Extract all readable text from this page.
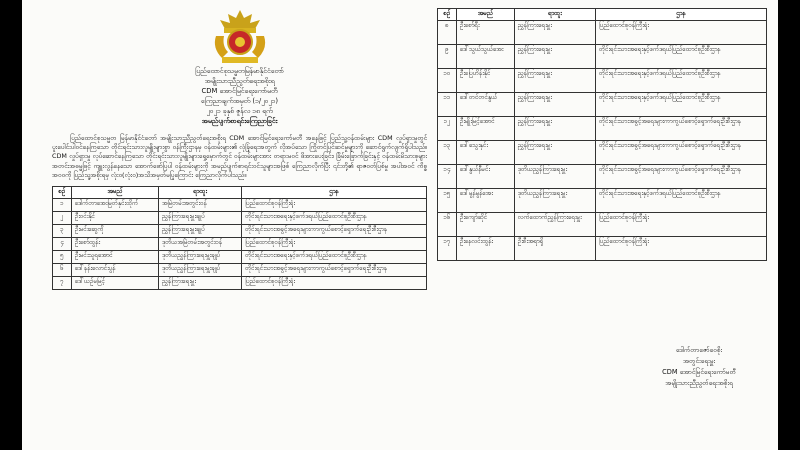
ပြည်ထောင်စုသမ္မတမြန်မာနိုင်ငံတော်
အမျိုးသားညီညွတ်ရေးအစိုးရ
CDM အောင်မြင်ရေးကော်မတီ
ကြေညာချက်အမှတ် (၁/၂၀၂၁)
၂၀၂၁ ခုနှစ် ဇူန်လ ၁၈ ရက်
အမည်ပျက်စာရင်းကြေညာခြင်း
ပြည်ထောင်စုသမ္မတ မြန်မာနိုင်ငံတော် အမျိုးသားညီညွတ်ရေးအစိုးရ CDM အောင်မြင်ရေးကော်မတီ အနေဖြင့် ပြည်သူ့ဝန်ထမ်းများ CDM လှုပ်ရှားမှုတွင်ပူးပေါင်းပါဝင်နေကြသော တိုင်းရင်းသားလူမျိုးများစွာ ဝန်ကြီးဌာနမှ ဝန်ထမ်းများ၏ လုံခြုံရေးအတွက် လိုအပ်သော ကြိုတင်ပြင်ဆင်မှုများကို ဆောင်ရွက်လျက်ရှိပါသည်။ CDM လှုပ်ရှားမှု လုပ်ဆောင်နေကြသော တိုင်းရင်းသားလူမျိုးများရှေ့မှောက်တွင် ဝန်ထမ်းများအား တရားမဝင် ဖိအားပေးခြင်း၊ ခြိမ်းခြောက်ခြင်းနှင့် ဝန်ထမ်းမိသားစုများ အတင်းအဓမ္မဖြင့် ကျူးလွန်နေသော အောက်ဖော်ပြပါ ဝန်ထမ်းများကို အမည်ပျက်စာရင်းဝင်သူများအဖြစ် ကြေညာလိုက်ပြီး ၎င်းတို့၏ ရာဇဝတ်ပြစ်မှု အပါအဝင် ကိစ္စအဝဝကို ပြည်သူ့အစိုးရမှ လုံးဝ(လုံးဝ)အသိအမှတ်မပြုကြောင်း ကြေညာလိုက်ပါသည်။
စဉ်	အမည်	ရာထူး	ဌာန
၁	ဒေါက်တာအေးမြတ်နှင်းထိုက်	အမြဲတမ်းအတွင်းဝန်	ပြည်ထောင်စုဝန်ကြီးရုံး
၂	ဦးဝင်းနိုင်	ညွှန်ကြားရေးမှူးချုပ်	တိုင်းရင်းသားအရေးနှင့်ဖက်ဒရယ်ပြည်ထောင်စုဦးစီးဌာန
၃	ဦးမင်းဆွေကို	ညွှန်ကြားရေးမှူးချုပ်	တိုင်းရင်းသားအခွင့်အရေးများကာကွယ်စောင့်ရှောက်ရေးဦးစီးဌာန
၄	ဦးစော်ထွန်း	ဒုတိယအမြဲတမ်းအတွင်းဝန်	ပြည်ထောင်စုဝန်ကြီးရုံး
၅	ဦးမင်းသူရအောင်	ဒုတိယညွှန်ကြားရေးမှူးချုပ်	တိုင်းရင်းသားအရေးနှင့်ဖက်ဒရယ်ပြည်ထောင်စုဦးစီးဌာန
၆	ဒေါ်နန်းလောင်းပွန်	ဒုတိယညွှန်ကြားရေးမှူးချုပ်	တိုင်းရင်းသားအခွင့်အရေးများကာကွယ်စောင့်ရှောက်ရေးဦးစီးဌာန
၇	ဒေါ်ယဉ်မမြင့်	ညွှန်ကြားရေးမှူး	ပြည်ထောင်စုဝန်ကြီးရုံး
စဉ်	အမည်	ရာထူး	ဌာန
၈	ဦးစော်ရီး	ညွှန်ကြားရေးမှူး	ပြည်ထောင်စုဝန်ကြီးရုံး
၉	ဒေါ်သွယ်သွယ်အေး	ညွှန်ကြားရေးမှူး	တိုင်းရင်းသားအရေးနှင့်ဖက်ဒရယ်ပြည်ထောင်စုဦးစီးဌာန
၁၀	ဦးပြေဟိန်းနိုင်	ညွှန်ကြားရေးမှူး	တိုင်းရင်းသားအရေးနှင့်ဖက်ဒရယ်ပြည်ထောင်စုဦးစီးဌာန
၁၁	ဒေါ်တင်တင်နွယ်	ညွှန်ကြားရေးမှူး	တိုင်းရင်းသားအရေးနှင့်ဖက်ဒရယ်ပြည်ထောင်စုဦးစီးဌာန
၁၂	ဦးမျိုးမြင့်အောင်	ညွှန်ကြားရေးမှူး	တိုင်းရင်းသားအခွင့်အရေးများကာကွယ်စောင့်ရှောက်ရေးဦးစီးဌာန
၁၃	ဒေါ်သွေးနှင်း	ညွှန်ကြားရေးမှူး	တိုင်းရင်းသားအခွင့်အရေးများကာကွယ်စောင့်ရှောက်ရေးဦးစီးဌာန
၁၄	ဒေါ်နွယ်နီမင်း	ဒုတိယညွှန်ကြားရေးမှူး	တိုင်းရင်းသားအခွင့်အရေးများကာကွယ်စောင့်ရှောက်ရေးဦးစီးဌာန
၁၅	ဒေါ်မွန်မွန်အေး	ဒုတိယညွှန်ကြားရေးမှူး	တိုင်းရင်းသားအရေးနှင့်ဖက်ဒရယ်ပြည်ထောင်စုဦးစီးဌာန
၁၆	ဦးကျော်ဆိုင်	လက်ထောက်ညွှန်ကြားရေးမှူး	ပြည်ထောင်စုဝန်ကြီးရုံး
၁၇	ဦးနေလင်းထွန်း	ဦးစီးအရာရှိ	ပြည်ထောင်စုဝန်ကြီးရုံး
ဒေါက်တာဇော်ဝေစိုး
အတွင်းရေးမှူး
CDM အောင်မြင်ရေးကော်မတီ
အမျိုးသားညီညွတ်ရေးအစိုးရ
